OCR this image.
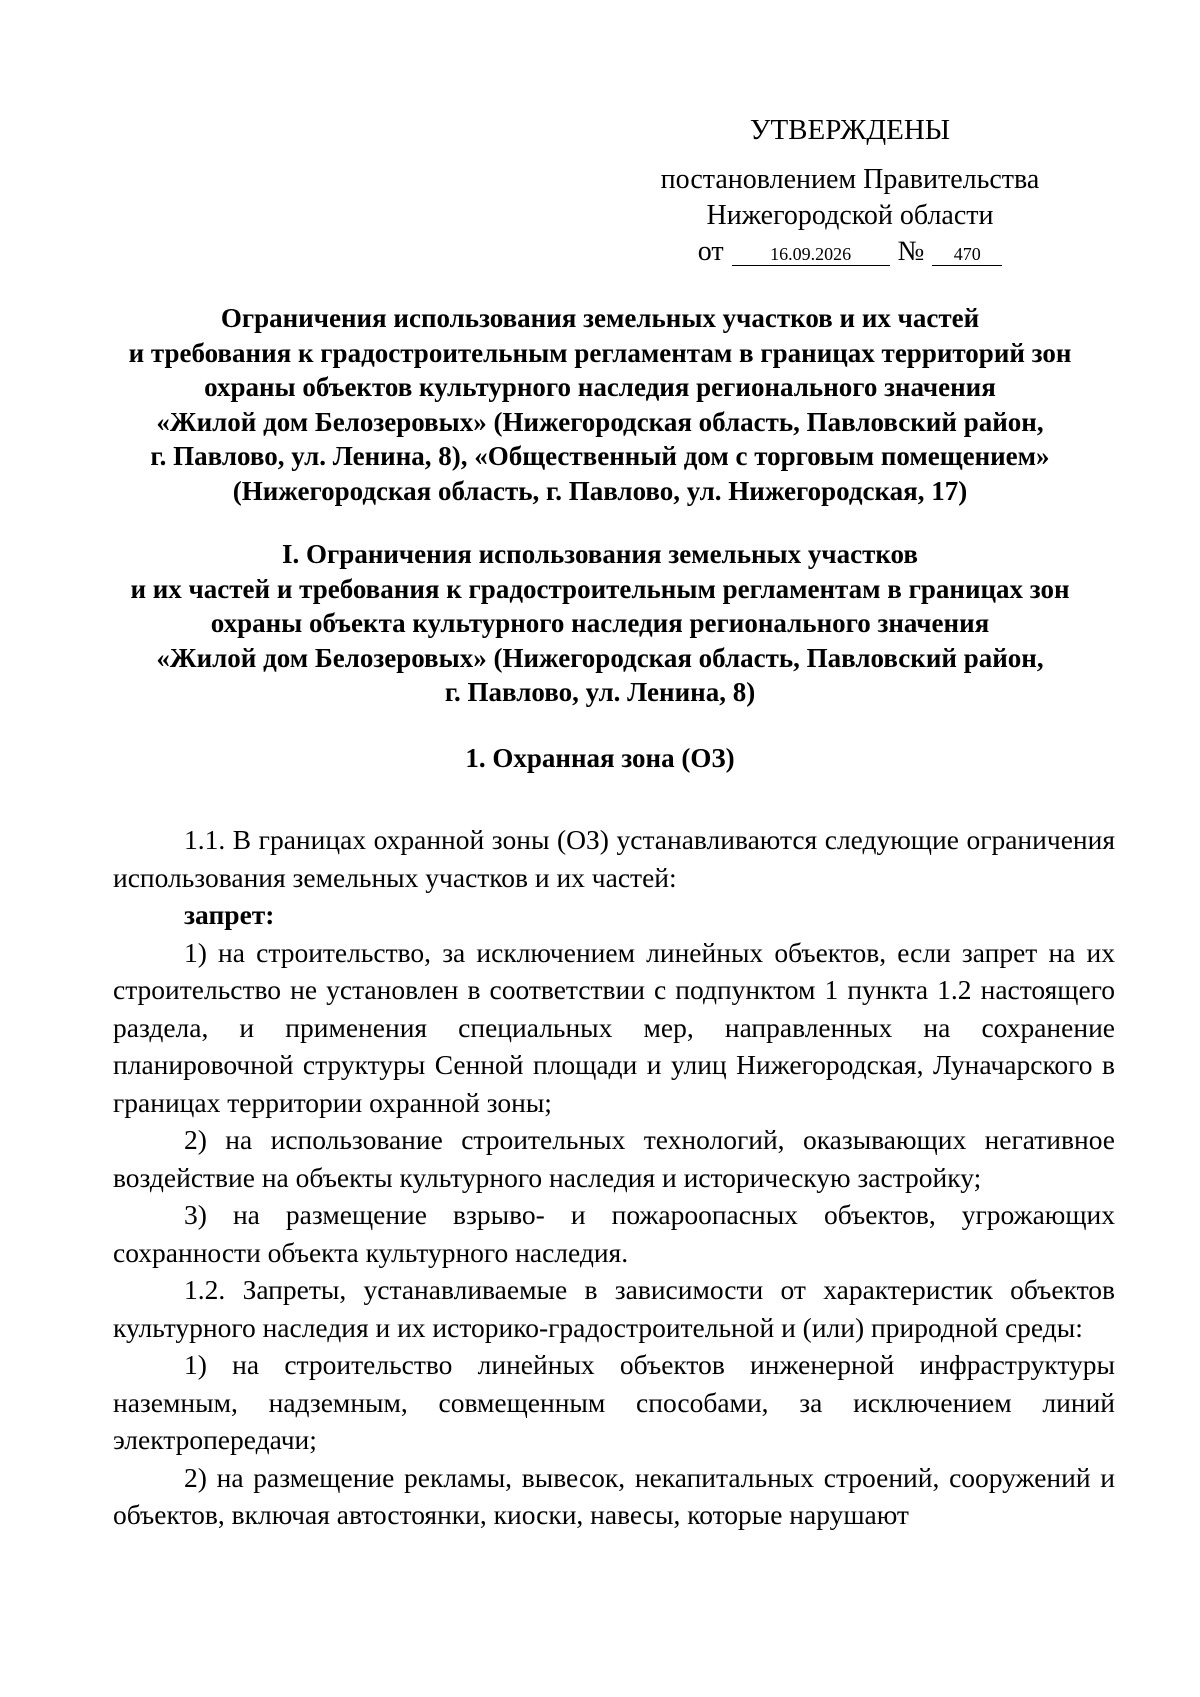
УТВЕРЖДЕНЫ
постановлением Правительства
Нижегородской области
от	16.09.2026 № 470
Ограничения использования земельных участков и их частей
и требования к градостроительным регламентам в границах территорий зон
охраны объектов культурного наследия регионального значения
«Жилой дом Белозеровых» (Нижегородская область, Павловский район,
г. Павлово, ул. Ленина, 8), «Общественный дом с торговым помещением»
(Нижегородская область, г. Павлово, ул. Нижегородская, 17)
I. Ограничения использования земельных участков
и их частей и требования к градостроительным регламентам в границах зон
охраны объекта культурного наследия регионального значения
«Жилой дом Белозеровых» (Нижегородская область, Павловский район,
г. Павлово, ул. Ленина, 8)
1. Охранная зона (ОЗ)

1.1. В границах охранной зоны (ОЗ) устанавливаются следующие ограничения использования земельных участков и их частей:

запрет:

1) на строительство, за исключением линейных объектов, если запрет на их строительство не установлен в соответствии с подпунктом 1 пункта 1.2 настоящего раздела, и применения специальных мер, направленных на сохранение планировочной структуры Сенной площади и улиц Нижегородская, Луначарского в границах территории охранной зоны;

2) на использование строительных технологий, оказывающих негативное воздействие на объекты культурного наследия и историческую застройку;

3) на размещение взрыво- и пожароопасных объектов, угрожающих сохранности объекта культурного наследия.

1.2. Запреты, устанавливаемые в зависимости от характеристик объектов культурного наследия и их историко-градостроительной и (или) природной среды:

1) на строительство линейных объектов инженерной инфраструктуры наземным, надземным, совмещенным способами, за исключением линий электропередачи;

2) на размещение рекламы, вывесок, некапитальных строений, сооружений и объектов, включая автостоянки, киоски, навесы, которые нарушают
